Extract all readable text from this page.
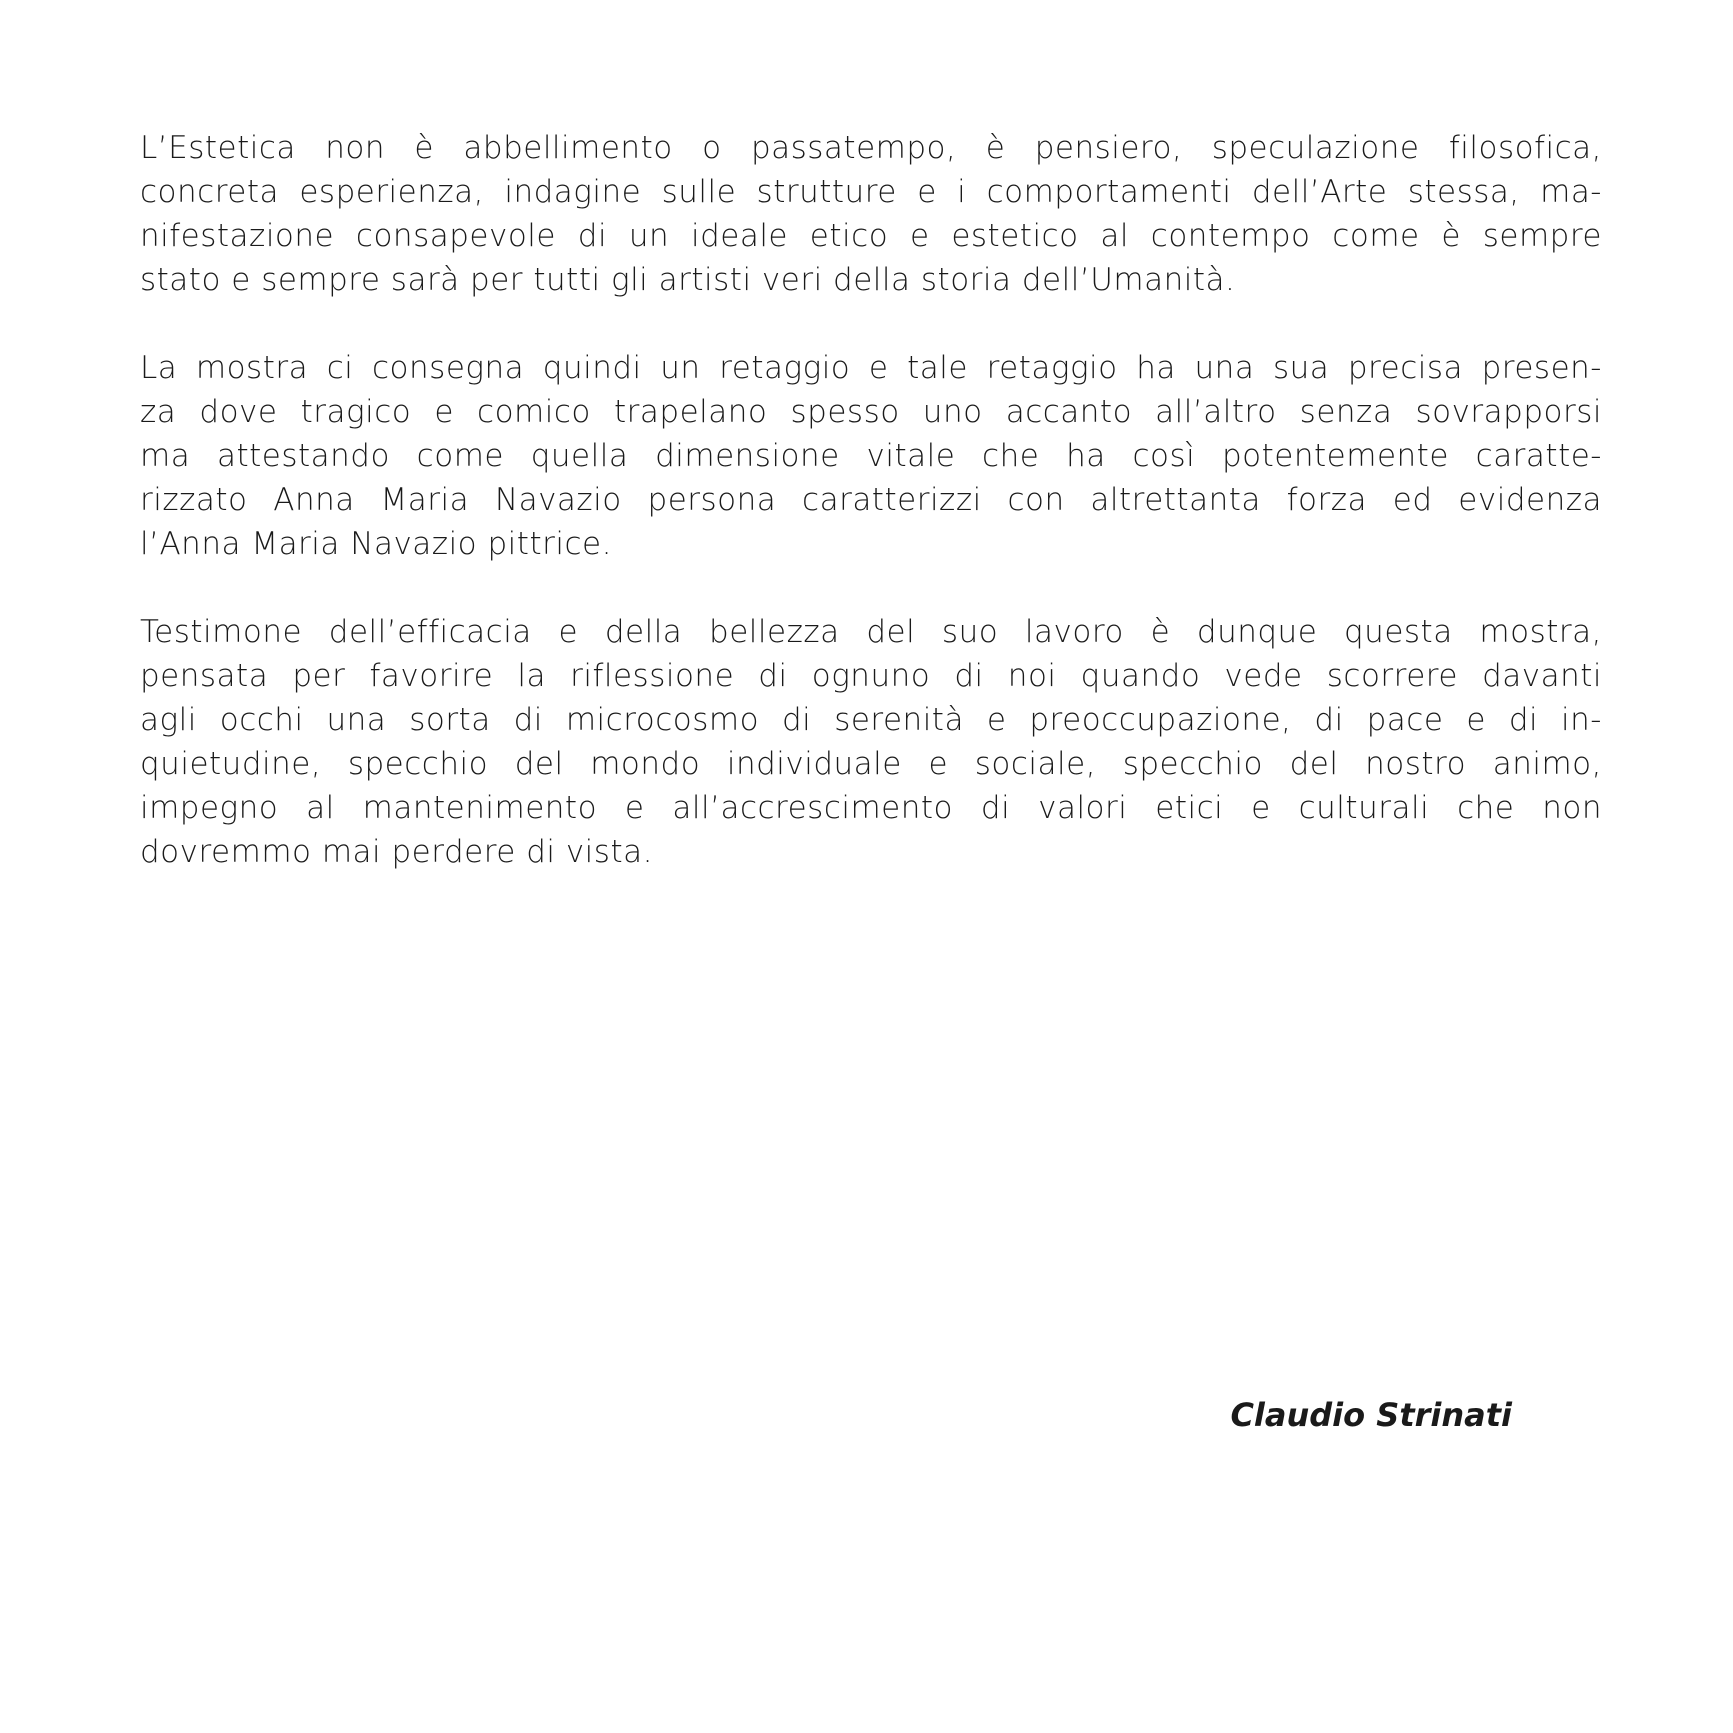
L’Estetica non è abbellimento o passatempo, è pensiero, speculazione filosofica,
concreta esperienza, indagine sulle strutture e i comportamenti dell’Arte stessa, ma-
nifestazione consapevole di un ideale etico e estetico al contempo come è sempre
stato e sempre sarà per tutti gli artisti veri della storia dell’Umanità.

La mostra ci consegna quindi un retaggio e tale retaggio ha una sua precisa presen-
za dove tragico e comico trapelano spesso uno accanto all’altro senza sovrapporsi
ma attestando come quella dimensione vitale che ha così potentemente caratte-
rizzato Anna Maria Navazio persona caratterizzi con altrettanta forza ed evidenza
l’Anna Maria Navazio pittrice.

Testimone dell’efficacia e della bellezza del suo lavoro è dunque questa mostra,
pensata per favorire la riflessione di ognuno di noi quando vede scorrere davanti
agli occhi una sorta di microcosmo di serenità e preoccupazione, di pace e di in-
quietudine, specchio del mondo individuale e sociale, specchio del nostro animo,
impegno al mantenimento e all’accrescimento di valori etici e culturali che non
dovremmo mai perdere di vista.

Claudio Strinati
